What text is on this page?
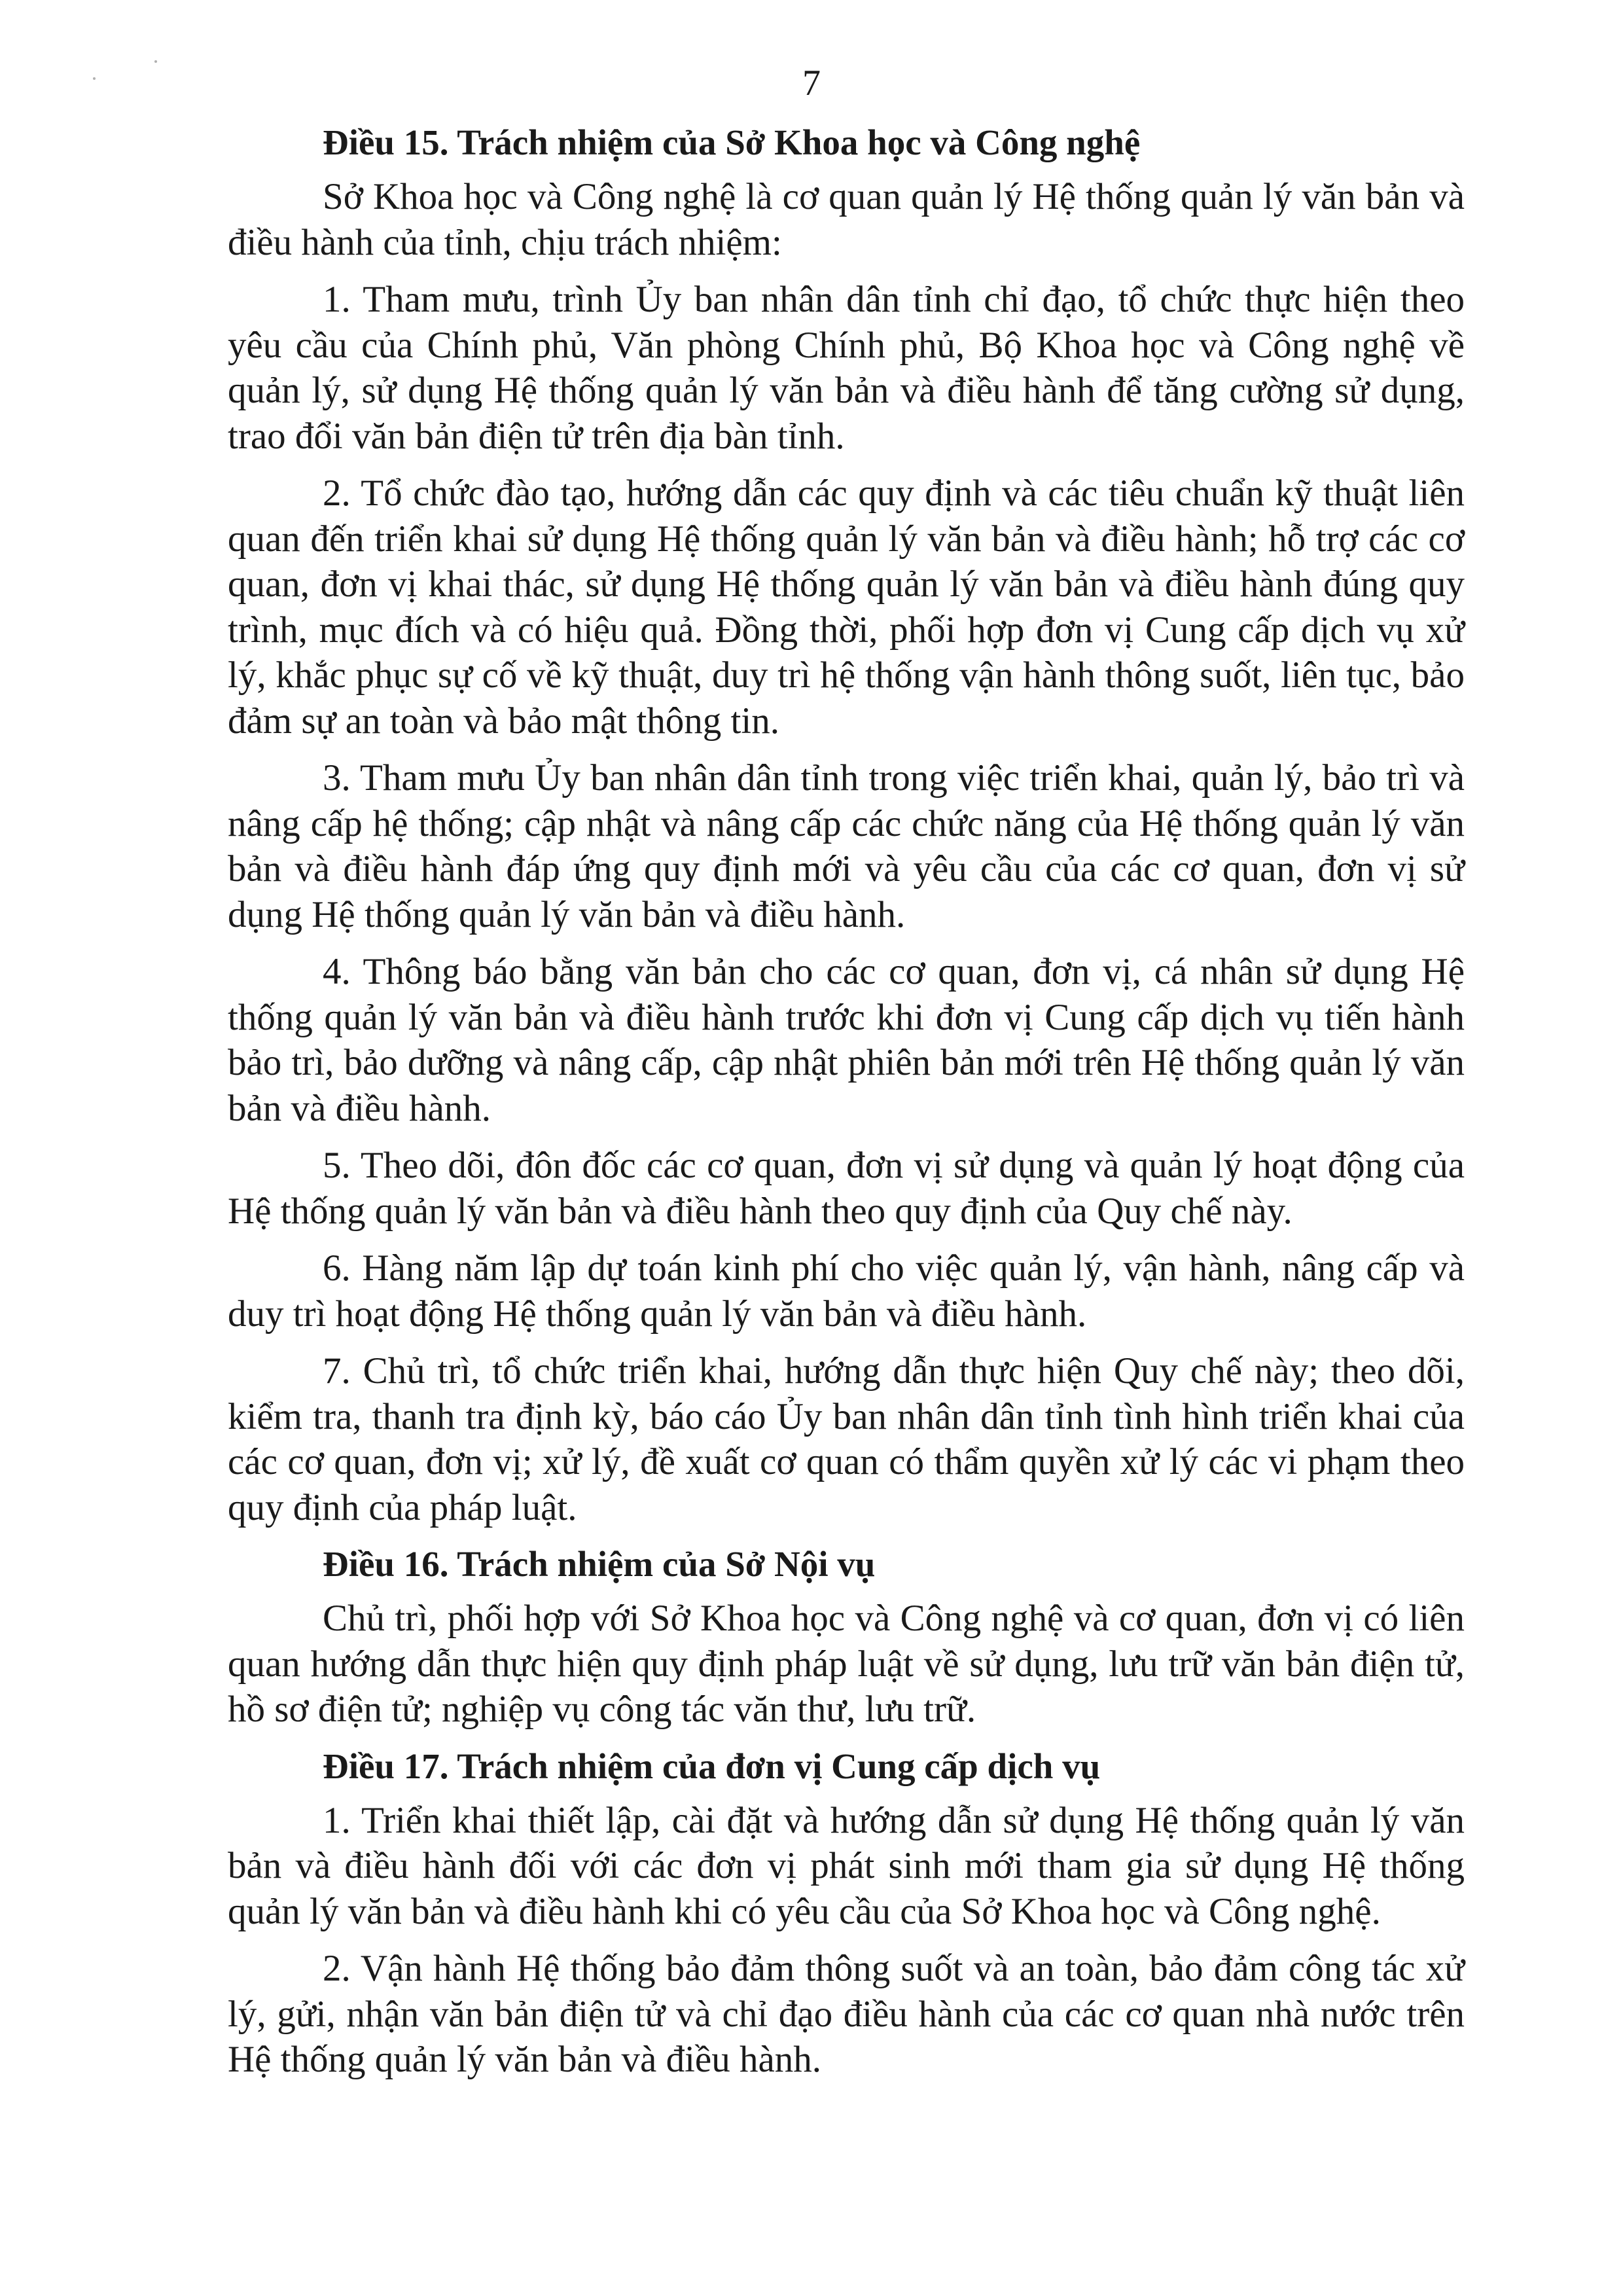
7
Điều 15. Trách nhiệm của Sở Khoa học và Công nghệ

Sở Khoa học và Công nghệ là cơ quan quản lý Hệ thống quản lý văn bản và điều hành của tỉnh, chịu trách nhiệm:

1. Tham mưu, trình Ủy ban nhân dân tỉnh chỉ đạo, tổ chức thực hiện theo yêu cầu của Chính phủ, Văn phòng Chính phủ, Bộ Khoa học và Công nghệ về quản lý, sử dụng Hệ thống quản lý văn bản và điều hành để tăng cường sử dụng, trao đổi văn bản điện tử trên địa bàn tỉnh.

2. Tổ chức đào tạo, hướng dẫn các quy định và các tiêu chuẩn kỹ thuật liên quan đến triển khai sử dụng Hệ thống quản lý văn bản và điều hành; hỗ trợ các cơ quan, đơn vị khai thác, sử dụng Hệ thống quản lý văn bản và điều hành đúng quy trình, mục đích và có hiệu quả. Đồng thời, phối hợp đơn vị Cung cấp dịch vụ xử lý, khắc phục sự cố về kỹ thuật, duy trì hệ thống vận hành thông suốt, liên tục, bảo đảm sự an toàn và bảo mật thông tin.

3. Tham mưu Ủy ban nhân dân tỉnh trong việc triển khai, quản lý, bảo trì và nâng cấp hệ thống; cập nhật và nâng cấp các chức năng của Hệ thống quản lý văn bản và điều hành đáp ứng quy định mới và yêu cầu của các cơ quan, đơn vị sử dụng Hệ thống quản lý văn bản và điều hành.

4. Thông báo bằng văn bản cho các cơ quan, đơn vị, cá nhân sử dụng Hệ thống quản lý văn bản và điều hành trước khi đơn vị Cung cấp dịch vụ tiến hành bảo trì, bảo dưỡng và nâng cấp, cập nhật phiên bản mới trên Hệ thống quản lý văn bản và điều hành.

5. Theo dõi, đôn đốc các cơ quan, đơn vị sử dụng và quản lý hoạt động của Hệ thống quản lý văn bản và điều hành theo quy định của Quy chế này.

6. Hàng năm lập dự toán kinh phí cho việc quản lý, vận hành, nâng cấp và duy trì hoạt động Hệ thống quản lý văn bản và điều hành.

7. Chủ trì, tổ chức triển khai, hướng dẫn thực hiện Quy chế này; theo dõi, kiểm tra, thanh tra định kỳ, báo cáo Ủy ban nhân dân tỉnh tình hình triển khai của các cơ quan, đơn vị; xử lý, đề xuất cơ quan có thẩm quyền xử lý các vi phạm theo quy định của pháp luật.

Điều 16. Trách nhiệm của Sở Nội vụ

Chủ trì, phối hợp với Sở Khoa học và Công nghệ và cơ quan, đơn vị có liên quan hướng dẫn thực hiện quy định pháp luật về sử dụng, lưu trữ văn bản điện tử, hồ sơ điện tử; nghiệp vụ công tác văn thư, lưu trữ.

Điều 17. Trách nhiệm của đơn vị Cung cấp dịch vụ

1. Triển khai thiết lập, cài đặt và hướng dẫn sử dụng Hệ thống quản lý văn bản và điều hành đối với các đơn vị phát sinh mới tham gia sử dụng Hệ thống quản lý văn bản và điều hành khi có yêu cầu của Sở Khoa học và Công nghệ.

2. Vận hành Hệ thống bảo đảm thông suốt và an toàn, bảo đảm công tác xử lý, gửi, nhận văn bản điện tử và chỉ đạo điều hành của các cơ quan nhà nước trên Hệ thống quản lý văn bản và điều hành.
